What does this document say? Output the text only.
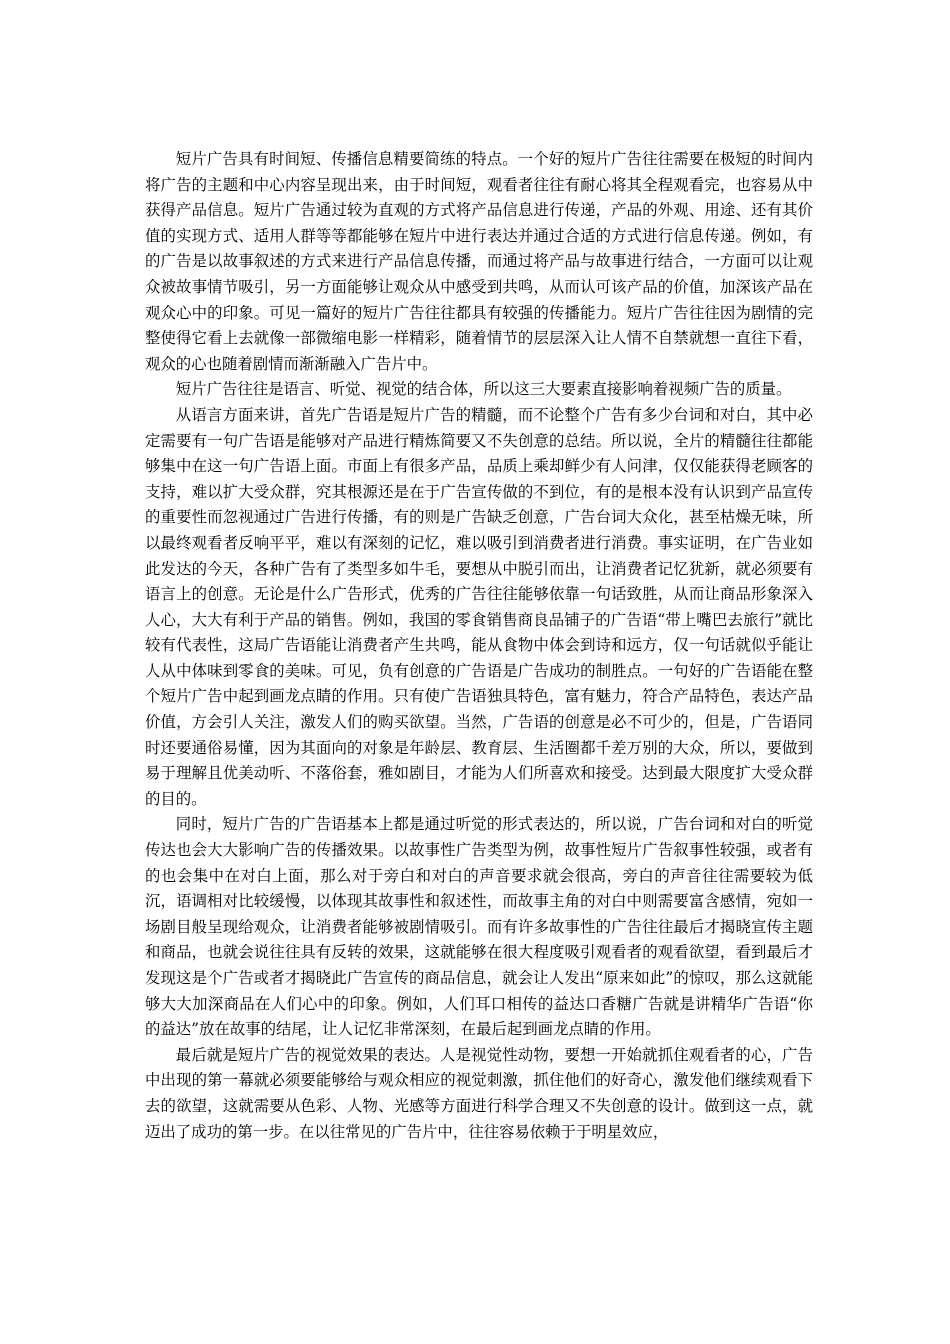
短片广告具有时间短、传播信息精要简练的特点。一个好的短片广告往往需要在极短的时间内将广告的主题和中心内容呈现出来，由于时间短，观看者往往有耐心将其全程观看完，也容易从中获得产品信息。短片广告通过较为直观的方式将产品信息进行传递，产品的外观、用途、还有其价值的实现方式、适用人群等等都能够在短片中进行表达并通过合适的方式进行信息传递。例如，有的广告是以故事叙述的方式来进行产品信息传播，而通过将产品与故事进行结合，一方面可以让观众被故事情节吸引，另一方面能够让观众从中感受到共鸣，从而认可该产品的价值，加深该产品在观众心中的印象。可见一篇好的短片广告往往都具有较强的传播能力。短片广告往往因为剧情的完整使得它看上去就像一部微缩电影一样精彩，随着情节的层层深入让人情不自禁就想一直往下看，观众的心也随着剧情而渐渐融入广告片中。

短片广告往往是语言、听觉、视觉的结合体，所以这三大要素直接影响着视频广告的质量。

从语言方面来讲，首先广告语是短片广告的精髓，而不论整个广告有多少台词和对白，其中必定需要有一句广告语是能够对产品进行精炼简要又不失创意的总结。所以说，全片的精髓往往都能够集中在这一句广告语上面。市面上有很多产品，品质上乘却鲜少有人问津，仅仅能获得老顾客的支持，难以扩大受众群，究其根源还是在于广告宣传做的不到位，有的是根本没有认识到产品宣传的重要性而忽视通过广告进行传播，有的则是广告缺乏创意，广告台词大众化，甚至枯燥无味，所以最终观看者反响平平，难以有深刻的记忆，难以吸引到消费者进行消费。事实证明，在广告业如此发达的今天，各种广告有了类型多如牛毛，要想从中脱引而出，让消费者记忆犹新，就必须要有语言上的创意。无论是什么广告形式，优秀的广告往往能够依靠一句话致胜，从而让商品形象深入人心，大大有利于产品的销售。例如，我国的零食销售商良品铺子的广告语“带上嘴巴去旅行”就比较有代表性，这局广告语能让消费者产生共鸣，能从食物中体会到诗和远方，仅一句话就似乎能让人从中体味到零食的美味。可见，负有创意的广告语是广告成功的制胜点。一句好的广告语能在整个短片广告中起到画龙点睛的作用。只有使广告语独具特色，富有魅力，符合产品特色，表达产品价值，方会引人关注，激发人们的购买欲望。当然，广告语的创意是必不可少的，但是，广告语同时还要通俗易懂，因为其面向的对象是年龄层、教育层、生活圈都千差万别的大众，所以，要做到易于理解且优美动听、不落俗套，雅如剧目，才能为人们所喜欢和接受。达到最大限度扩大受众群的目的。

同时，短片广告的广告语基本上都是通过听觉的形式表达的，所以说，广告台词和对白的听觉传达也会大大影响广告的传播效果。以故事性广告类型为例，故事性短片广告叙事性较强，或者有的也会集中在对白上面，那么对于旁白和对白的声音要求就会很高，旁白的声音往往需要较为低沉，语调相对比较缓慢，以体现其故事性和叙述性，而故事主角的对白中则需要富含感情，宛如一场剧目般呈现给观众，让消费者能够被剧情吸引。而有许多故事性的广告往往最后才揭晓宣传主题和商品，也就会说往往具有反转的效果，这就能够在很大程度吸引观看者的观看欲望，看到最后才发现这是个广告或者才揭晓此广告宣传的商品信息，就会让人发出“原来如此”的惊叹，那么这就能够大大加深商品在人们心中的印象。例如，人们耳口相传的益达口香糖广告就是讲精华广告语“你的益达”放在故事的结尾，让人记忆非常深刻，在最后起到画龙点睛的作用。

最后就是短片广告的视觉效果的表达。人是视觉性动物，要想一开始就抓住观看者的心，广告中出现的第一幕就必须要能够给与观众相应的视觉刺激，抓住他们的好奇心，激发他们继续观看下去的欲望，这就需要从色彩、人物、光感等方面进行科学合理又不失创意的设计。做到这一点，就迈出了成功的第一步。在以往常见的广告片中，往往容易依赖于于明星效应，
